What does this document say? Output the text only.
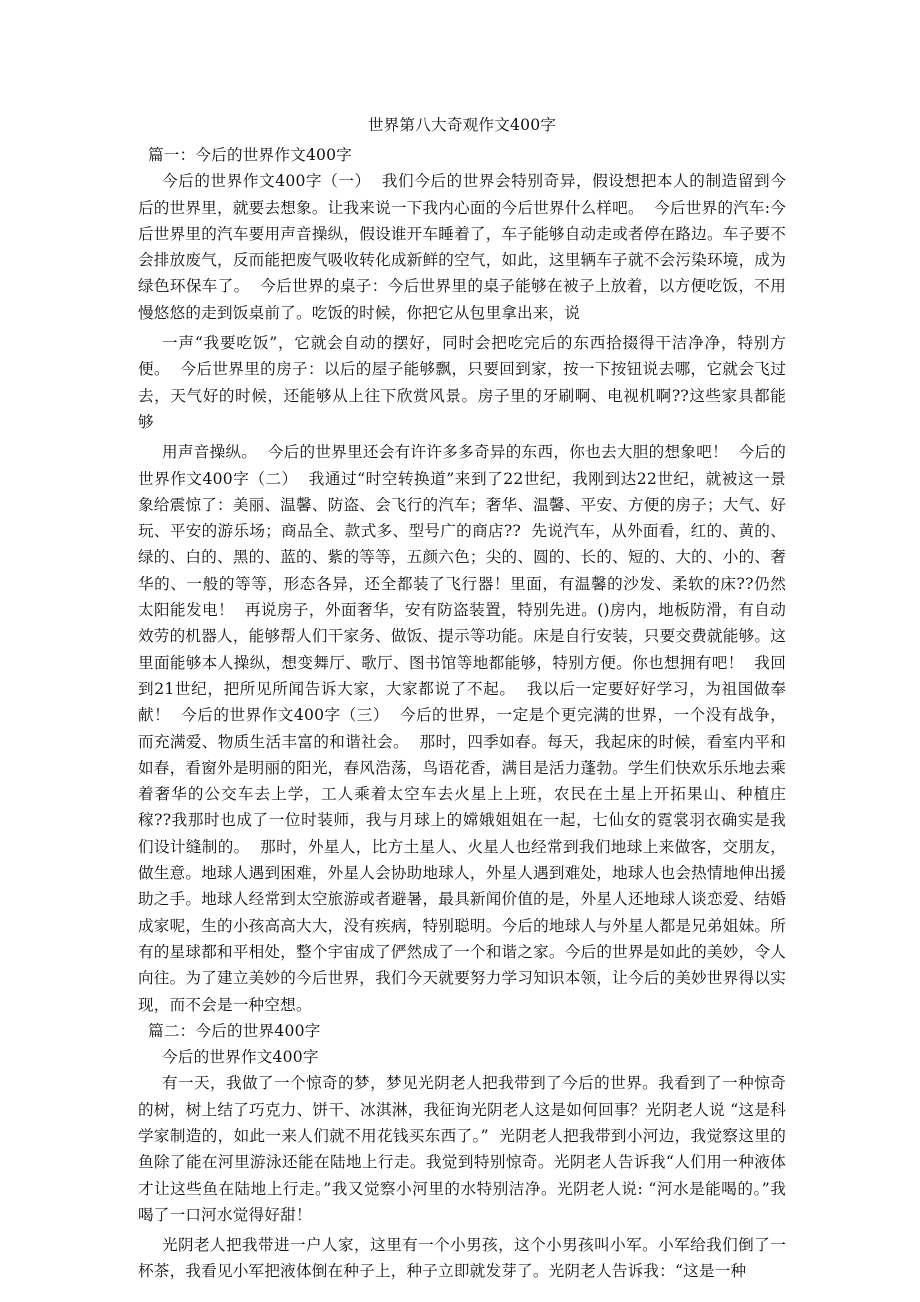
世界第八大奇观作文400字
篇一：今后的世界作文400字

今后的世界作文400字（一）  我们今后的世界会特别奇异，假设想把本人的制造留到今后的世界里，就要去想象。让我来说一下我内心面的今后世界什么样吧。  今后世界的汽车:今后世界里的汽车要用声音操纵，假设谁开车睡着了，车子能够自动走或者停在路边。车子要不会排放废气，反而能把废气吸收转化成新鲜的空气，如此，这里辆车子就不会污染环境，成为绿色环保车了。  今后世界的桌子：今后世界里的桌子能够在被子上放着，以方便吃饭，不用慢悠悠的走到饭桌前了。吃饭的时候，你把它从包里拿出来，说

一声“我要吃饭”，它就会自动的摆好，同时会把吃完后的东西拾掇得干洁净净，特别方便。  今后世界里的房子：以后的屋子能够飘，只要回到家，按一下按钮说去哪，它就会飞过去，天气好的时候，还能够从上往下欣赏风景。房子里的牙刷啊、电视机啊??这些家具都能够

用声音操纵。  今后的世界里还会有许许多多奇异的东西，你也去大胆的想象吧！  今后的世界作文400字（二）  我通过“时空转换道”来到了22世纪，我刚到达22世纪，就被这一景象给震惊了：美丽、温馨、防盗、会飞行的汽车；奢华、温馨、平安、方便的房子；大气、好玩、平安的游乐场；商品全、款式多、型号广的商店??  先说汽车，从外面看，红的、黄的、绿的、白的、黑的、蓝的、紫的等等，五颜六色；尖的、圆的、长的、短的、大的、小的、奢华的、一般的等等，形态各异，还全都装了飞行器！里面，有温馨的沙发、柔软的床??仍然太阳能发电！  再说房子，外面奢华，安有防盗装置，特别先进。()房内，地板防滑，有自动效劳的机器人，能够帮人们干家务、做饭、提示等功能。床是自行安装，只要交费就能够。这里面能够本人操纵，想变舞厅、歌厅、图书馆等地都能够，特别方便。你也想拥有吧！  我回到21世纪，把所见所闻告诉大家，大家都说了不起。  我以后一定要好好学习，为祖国做奉献！  今后的世界作文400字（三）  今后的世界，一定是个更完满的世界，一个没有战争，而充满爱、物质生活丰富的和谐社会。  那时，四季如春。每天，我起床的时候，看室内平和如春，看窗外是明丽的阳光，春风浩荡，鸟语花香，满目是活力蓬勃。学生们快欢乐乐地去乘着奢华的公交车去上学，工人乘着太空车去火星上上班，农民在土星上开拓果山、种植庄稼??我那时也成了一位时装师，我与月球上的嫦娥姐姐在一起，七仙女的霓裳羽衣确实是我们设计缝制的。  那时，外星人，比方土星人、火星人也经常到我们地球上来做客，交朋友，做生意。地球人遇到困难，外星人会协助地球人，外星人遇到难处，地球人也会热情地伸出援助之手。地球人经常到太空旅游或者避暑，最具新闻价值的是，外星人还地球人谈恋爱、结婚成家呢，生的小孩高高大大，没有疾病，特别聪明。今后的地球人与外星人都是兄弟姐妹。所有的星球都和平相处，整个宇宙成了俨然成了一个和谐之家。今后的世界是如此的美妙，令人向往。为了建立美妙的今后世界，我们今天就要努力学习知识本领，让今后的美妙世界得以实现，而不会是一种空想。

篇二：今后的世界400字

今后的世界作文400字

有一天，我做了一个惊奇的梦，梦见光阴老人把我带到了今后的世界。我看到了一种惊奇的树，树上结了巧克力、饼干、冰淇淋，我征询光阴老人这是如何回事？光阴老人说 “这是科学家制造的，如此一来人们就不用花钱买东西了。”  光阴老人把我带到小河边，我觉察这里的鱼除了能在河里游泳还能在陆地上行走。我觉到特别惊奇。光阴老人告诉我“人们用一种液体才让这些鱼在陆地上行走。”我又觉察小河里的水特别洁净。光阴老人说: “河水是能喝的。”我喝了一口河水觉得好甜！

光阴老人把我带进一户人家，这里有一个小男孩，这个小男孩叫小军。小军给我们倒了一杯茶，我看见小军把液体倒在种子上，种子立即就发芽了。光阴老人告诉我：“这是一种
